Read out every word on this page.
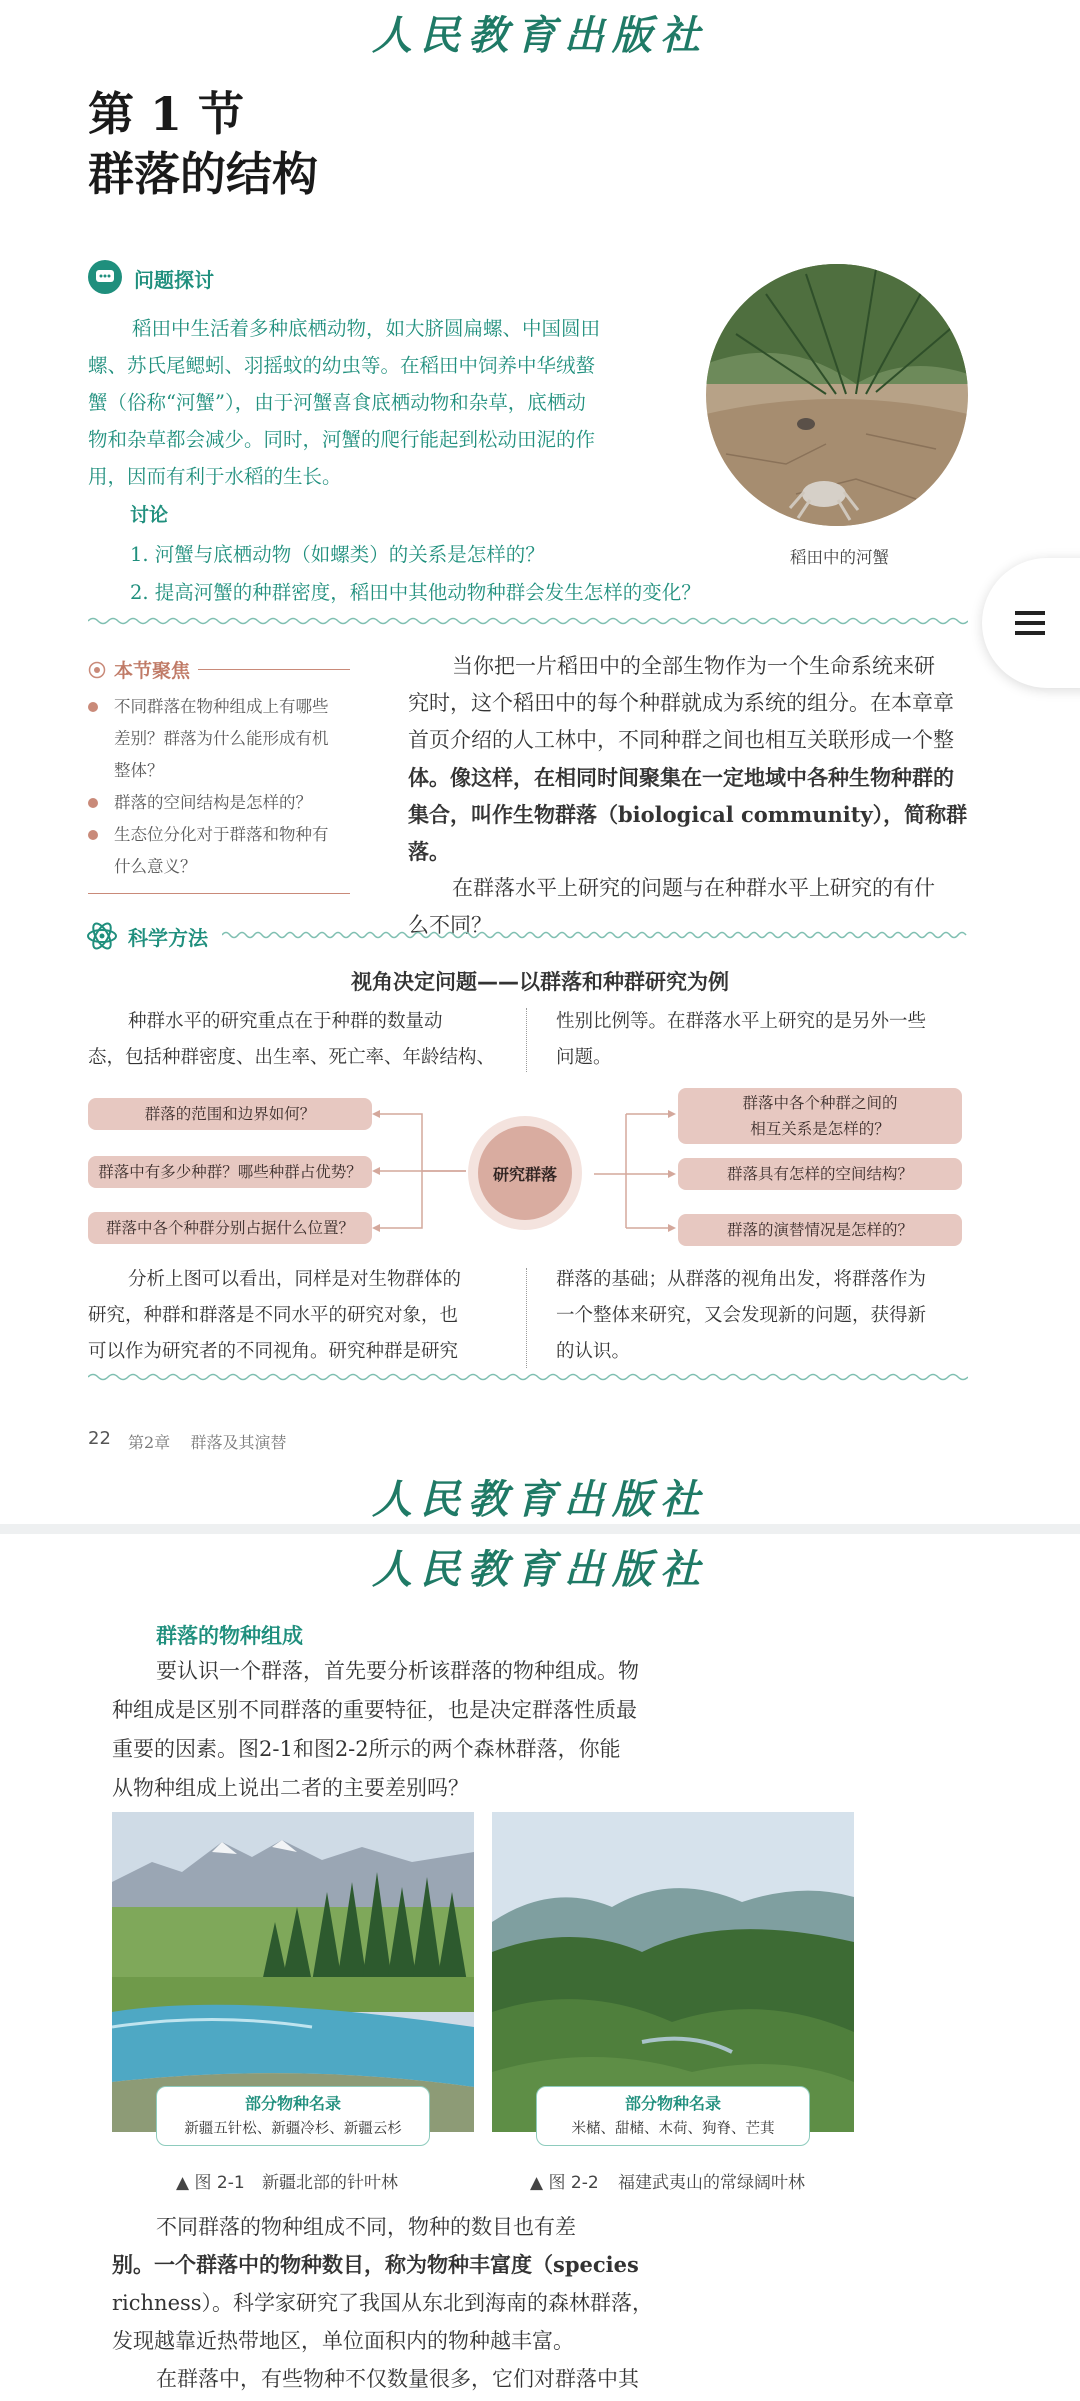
人民教育出版社
第 1 节
群落的结构
问题探讨
稻田中生活着多种底栖动物，如大脐圆扁螺、中国圆田
螺、苏氏尾鳃蚓、羽摇蚊的幼虫等。在稻田中饲养中华绒螯
蟹（俗称“河蟹”），由于河蟹喜食底栖动物和杂草，底栖动
物和杂草都会减少。同时，河蟹的爬行能起到松动田泥的作
用，因而有利于水稻的生长。
讨论
1. 河蟹与底栖动物（如螺类）的关系是怎样的？
2. 提高河蟹的种群密度，稻田中其他动物种群会发生怎样的变化？
稻田中的河蟹
本节聚焦
不同群落在物种组成上有哪些
差别？群落为什么能形成有机
整体？
群落的空间结构是怎样的？
生态位分化对于群落和物种有
什么意义？
当你把一片稻田中的全部生物作为一个生命系统来研
究时，这个稻田中的每个种群就成为系统的组分。在本章章
首页介绍的人工林中，不同种群之间也相互关联形成一个整
体。像这样，在相同时间聚集在一定地域中各种生物种群的
集合，叫作生物群落（biological community），简称群落。
在群落水平上研究的问题与在种群水平上研究的有什
么不同？
科学方法
视角决定问题——以群落和种群研究为例
种群水平的研究重点在于种群的数量动
态，包括种群密度、出生率、死亡率、年龄结构、
性别比例等。在群落水平上研究的是另外一些
问题。
群落的范围和边界如何？
群落中有多少种群？哪些种群占优势？
群落中各个种群分别占据什么位置？
研究群落
群落中各个种群之间的
相互关系是怎样的？
群落具有怎样的空间结构？
群落的演替情况是怎样的？
分析上图可以看出，同样是对生物群体的
研究，种群和群落是不同水平的研究对象，也
可以作为研究者的不同视角。研究种群是研究
群落的基础；从群落的视角出发，将群落作为
一个整体来研究，又会发现新的问题，获得新
的认识。
22 第2章    群落及其演替
人民教育出版社
人民教育出版社
群落的物种组成
要认识一个群落，首先要分析该群落的物种组成。物
种组成是区别不同群落的重要特征，也是决定群落性质最
重要的因素。图2-1和图2-2所示的两个森林群落，你能
从物种组成上说出二者的主要差别吗？
部分物种名录
新疆五针松、新疆冷杉、新疆云杉
▲ 图 2-1 新疆北部的针叶林
部分物种名录
米槠、甜槠、木荷、狗脊、芒萁
▲ 图 2-2 福建武夷山的常绿阔叶林
不同群落的物种组成不同，物种的数目也有差
别。一个群落中的物种数目，称为物种丰富度（species
richness）。科学家研究了我国从东北到海南的森林群落，
发现越靠近热带地区，单位面积内的物种越丰富。
在群落中，有些物种不仅数量很多，它们对群落中其
